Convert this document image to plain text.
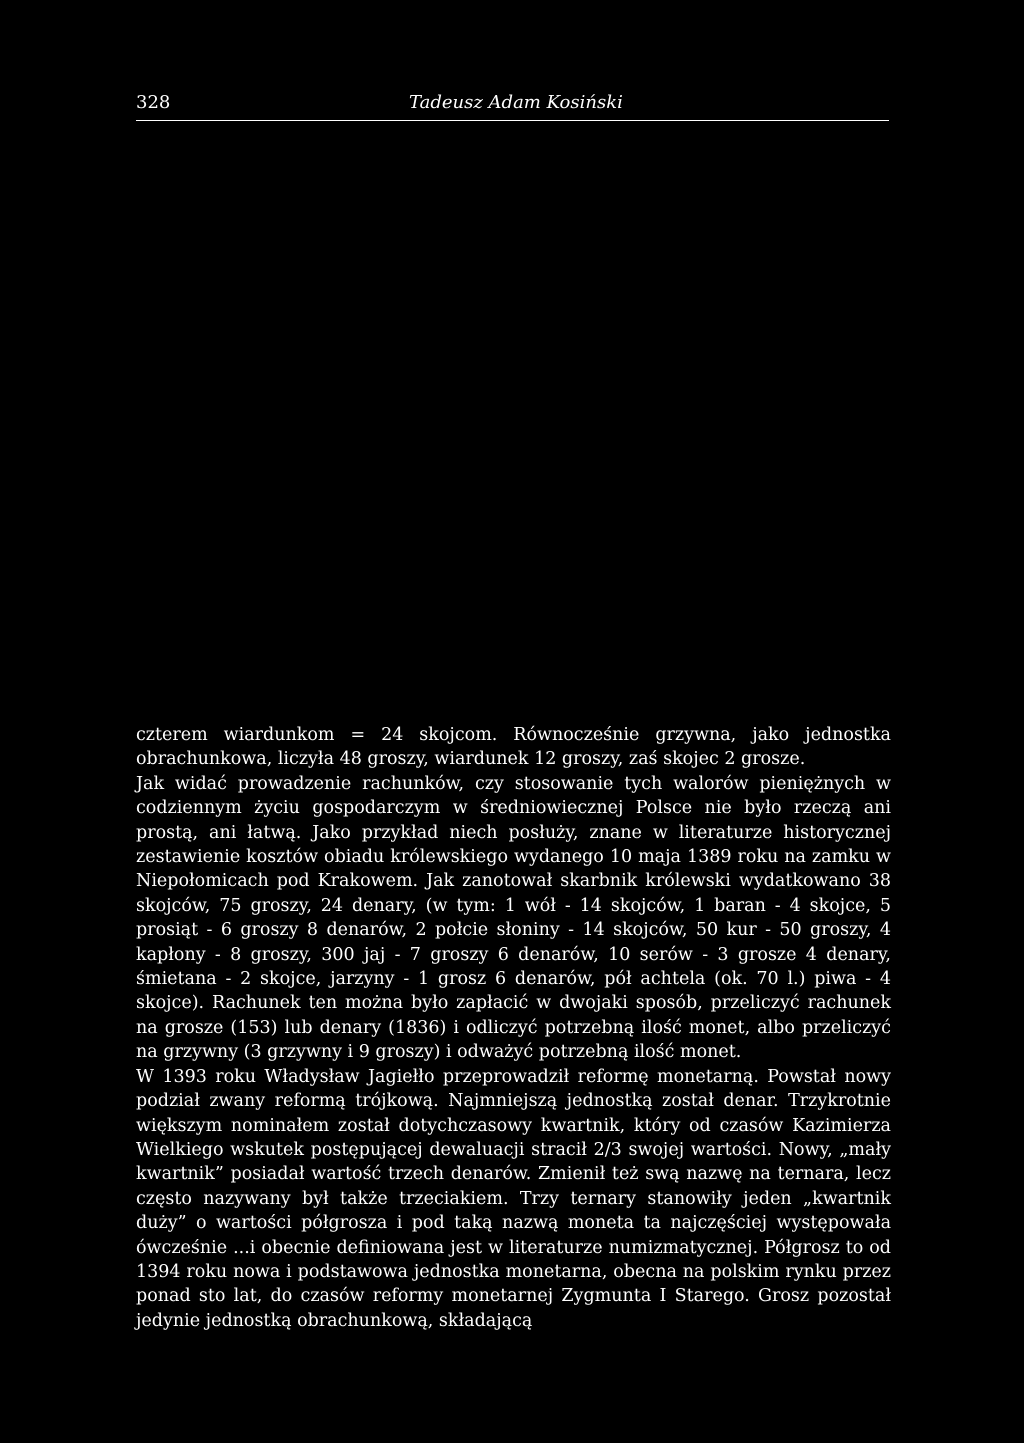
328	Tadeusz Adam Kosiński

czterem wiardunkom = 24 skojcom. Równocześnie grzywna, jako jednostka obrachunkowa, liczyła 48 groszy, wiardunek 12 groszy, zaś skojec 2 grosze.

Jak widać prowadzenie rachunków, czy stosowanie tych walorów pieniężnych w codziennym życiu gospodarczym w średniowiecznej Polsce nie było rzeczą ani prostą, ani łatwą. Jako przykład niech posłuży, znane w literaturze historycznej zestawienie kosztów obiadu królewskiego wydanego 10 maja 1389 roku na zamku w Niepołomicach pod Krakowem. Jak zanotował skarbnik królewski wydatkowano 38 skojców, 75 groszy, 24 denary, (w tym: 1 wół - 14 skojców, 1 baran - 4 skojce, 5 prosiąt - 6 groszy 8 denarów, 2 połcie słoniny - 14 skojców, 50 kur - 50 groszy, 4 kapłony - 8 groszy, 300 jaj - 7 groszy 6 denarów, 10 serów - 3 grosze 4 denary, śmietana - 2 skojce, jarzyny - 1 grosz 6 denarów, pół achtela (ok. 70 l.) piwa - 4 skojce). Rachunek ten można było zapłacić w dwojaki sposób, przeliczyć rachunek na grosze (153) lub denary (1836) i odliczyć potrzebną ilość monet, albo przeliczyć na grzywny (3 grzywny i 9 groszy) i odważyć potrzebną ilość monet.

W 1393 roku Władysław Jagiełło przeprowadził reformę monetarną. Powstał nowy podział zwany reformą trójkową. Najmniejszą jednostką został denar. Trzykrotnie większym nominałem został dotychczasowy kwartnik, który od czasów Kazimierza Wielkiego wskutek postępującej dewaluacji stracił 2/3 swojej wartości. Nowy, „mały kwartnik” posiadał wartość trzech denarów. Zmienił też swą nazwę na ternara, lecz często nazywany był także trzeciakiem. Trzy ternary stanowiły jeden „kwartnik duży” o wartości półgrosza i pod taką nazwą moneta ta najczęściej występowała ówcześnie ...i obecnie definiowana jest w literaturze numizmatycznej. Półgrosz to od 1394 roku nowa i podstawowa jednostka monetarna, obecna na polskim rynku przez ponad sto lat, do czasów reformy monetarnej Zygmunta I Starego. Grosz pozostał jedynie jednostką obrachunkową, składającą
